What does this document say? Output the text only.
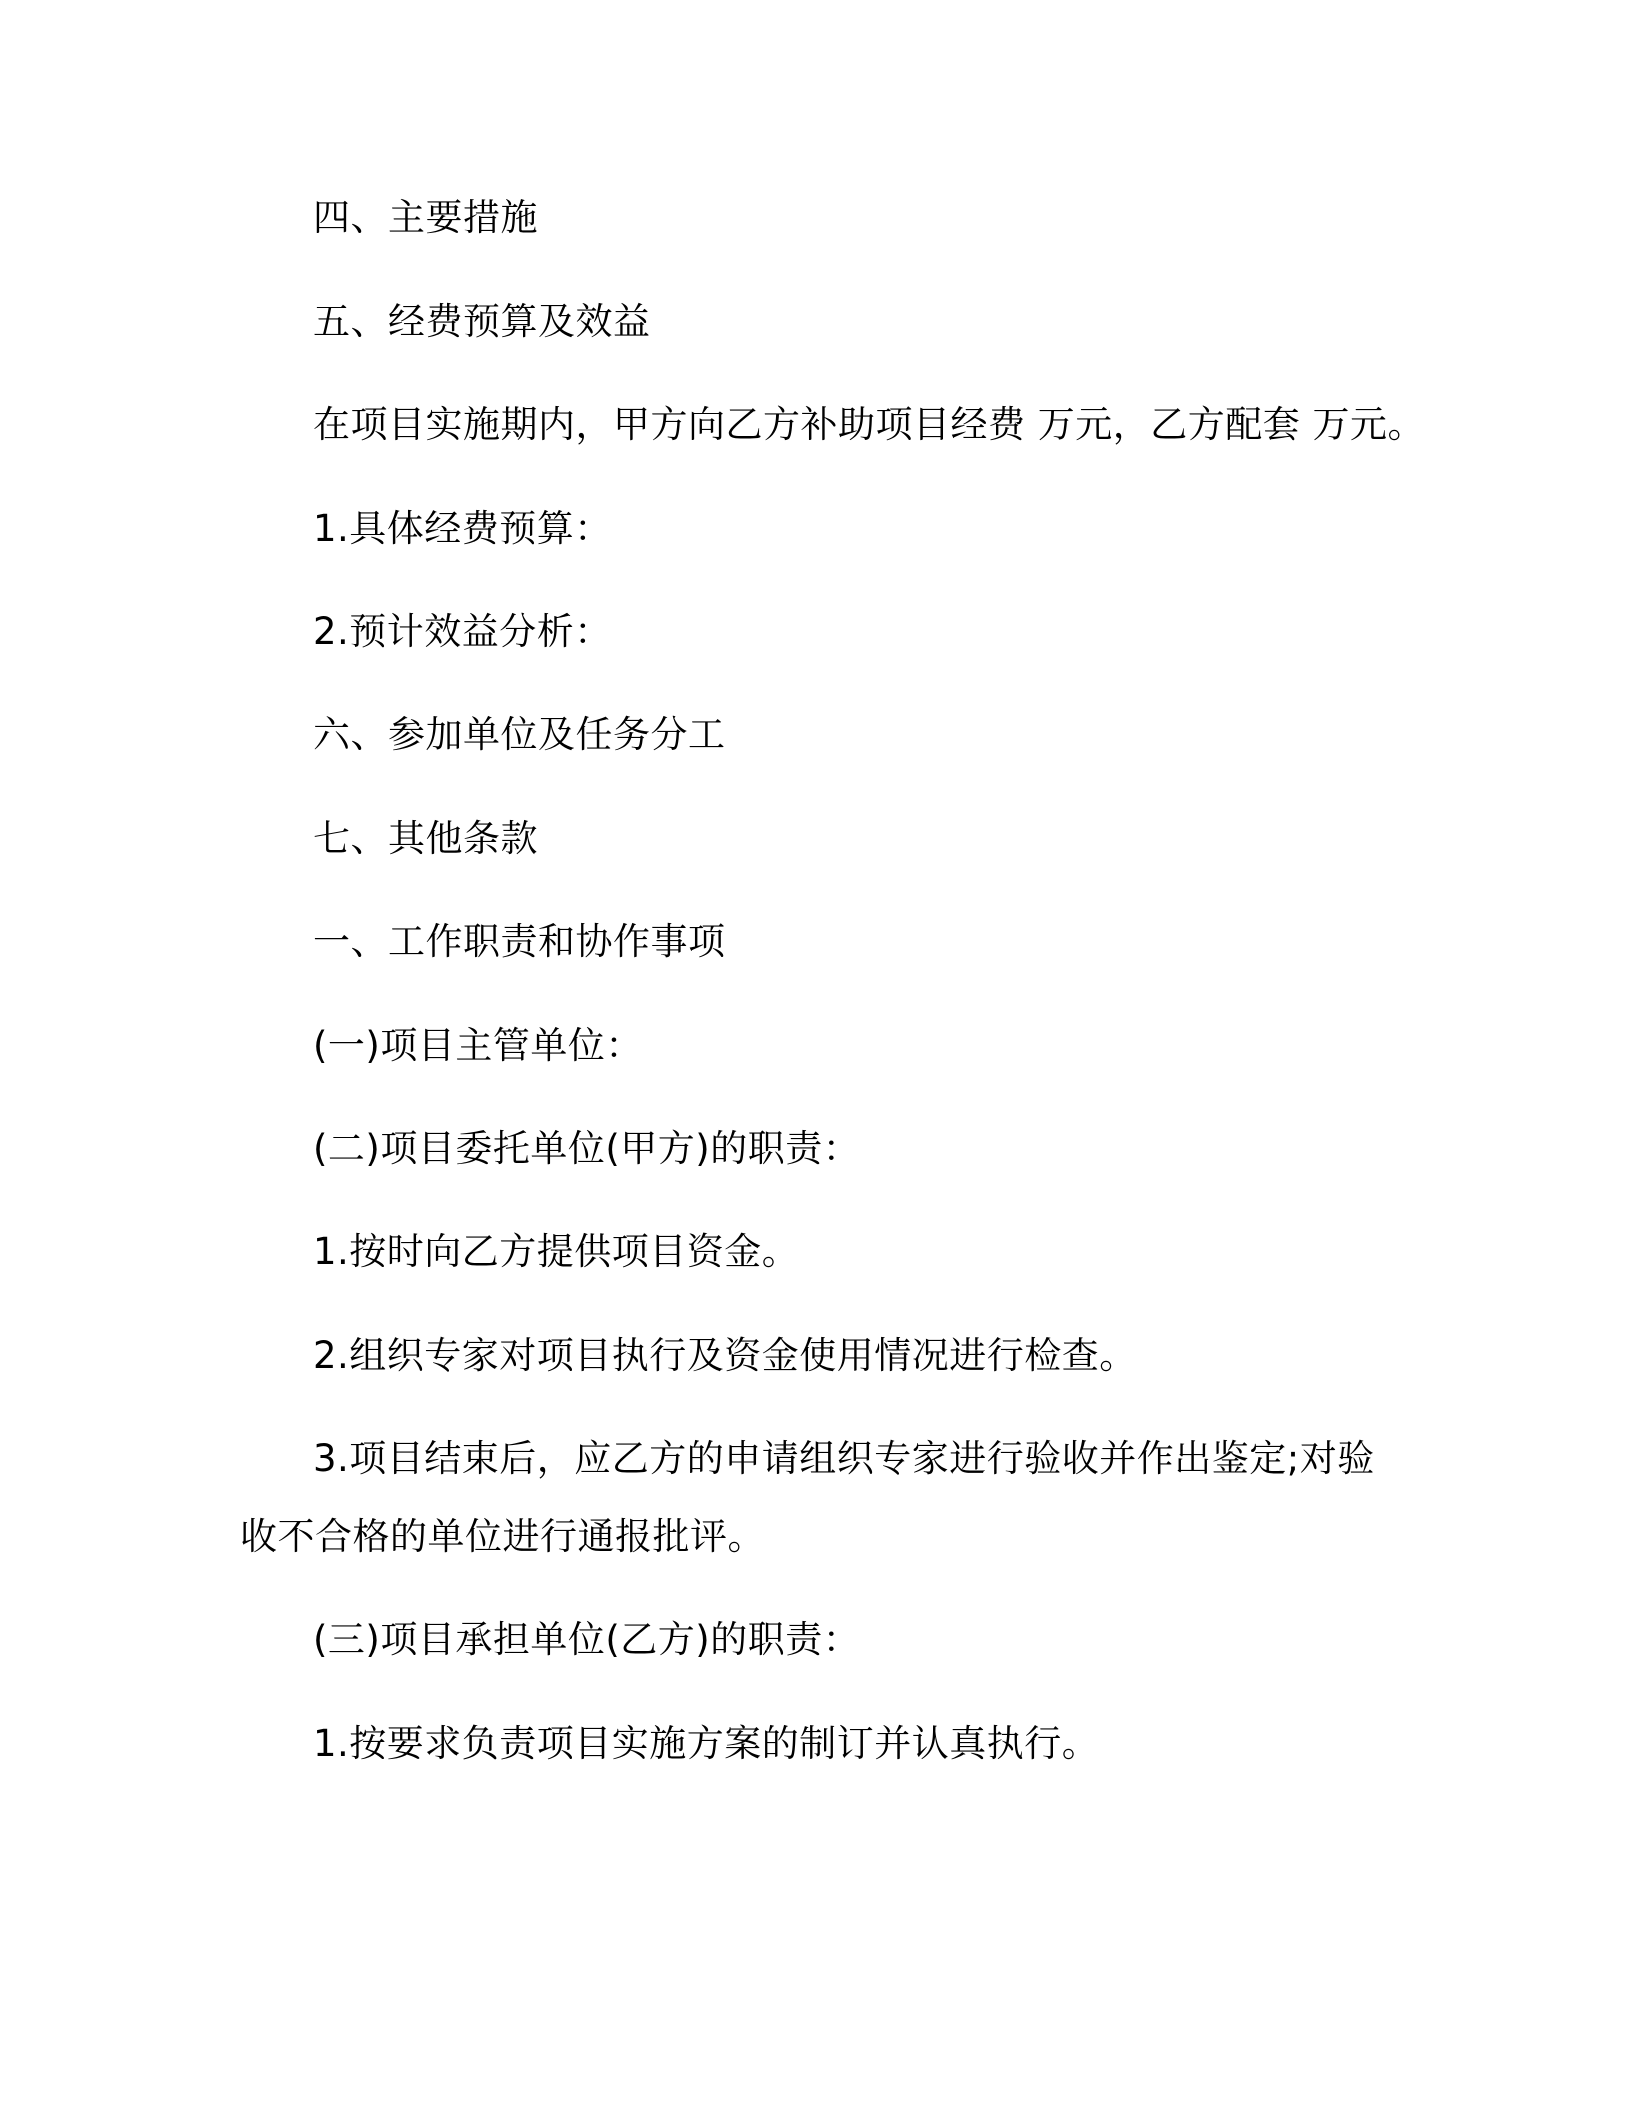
四、主要措施
五、经费预算及效益
在项目实施期内，甲方向乙方补助项目经费 万元，乙方配套 万元。
1.具体经费预算：
2.预计效益分析：
六、参加单位及任务分工
七、其他条款
一、工作职责和协作事项
(一)项目主管单位：
(二)项目委托单位(甲方)的职责：
1.按时向乙方提供项目资金。
2.组织专家对项目执行及资金使用情况进行检查。
3.项目结束后，应乙方的申请组织专家进行验收并作出鉴定;对验
收不合格的单位进行通报批评。
(三)项目承担单位(乙方)的职责：
1.按要求负责项目实施方案的制订并认真执行。
